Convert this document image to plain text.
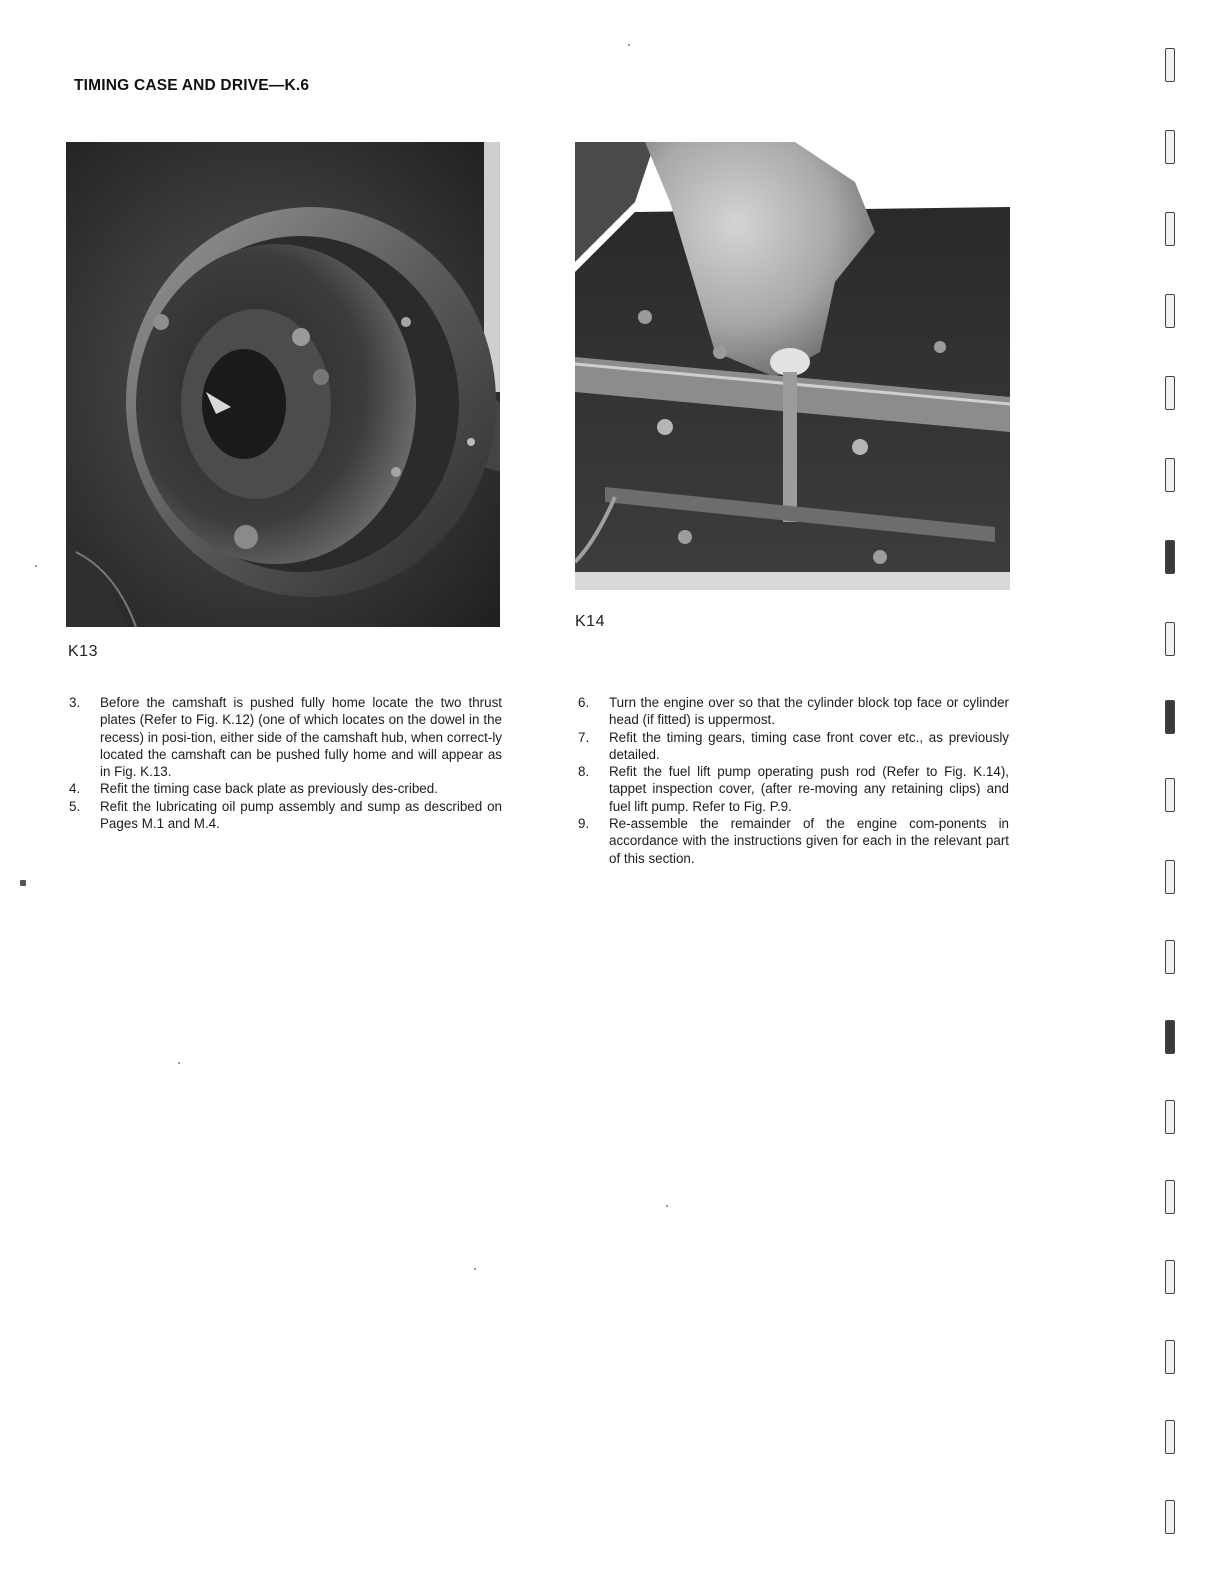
TIMING CASE AND DRIVE—K.6
K13
K14
3. Before the camshaft is pushed fully home locate the two thrust plates (Refer to Fig. K.12) (one of which locates on the dowel in the recess) in posi-tion, either side of the camshaft hub, when correct-ly located the camshaft can be pushed fully home and will appear as in Fig. K.13.
4. Refit the timing case back plate as previously des-cribed.
5. Refit the lubricating oil pump assembly and sump as described on Pages M.1 and M.4.
6. Turn the engine over so that the cylinder block top face or cylinder head (if fitted) is uppermost.
7. Refit the timing gears, timing case front cover etc., as previously detailed.
8. Refit the fuel lift pump operating push rod (Refer to Fig. K.14), tappet inspection cover, (after re-moving any retaining clips) and fuel lift pump. Refer to Fig. P.9.
9. Re-assemble the remainder of the engine com-ponents in accordance with the instructions given for each in the relevant part of this section.
